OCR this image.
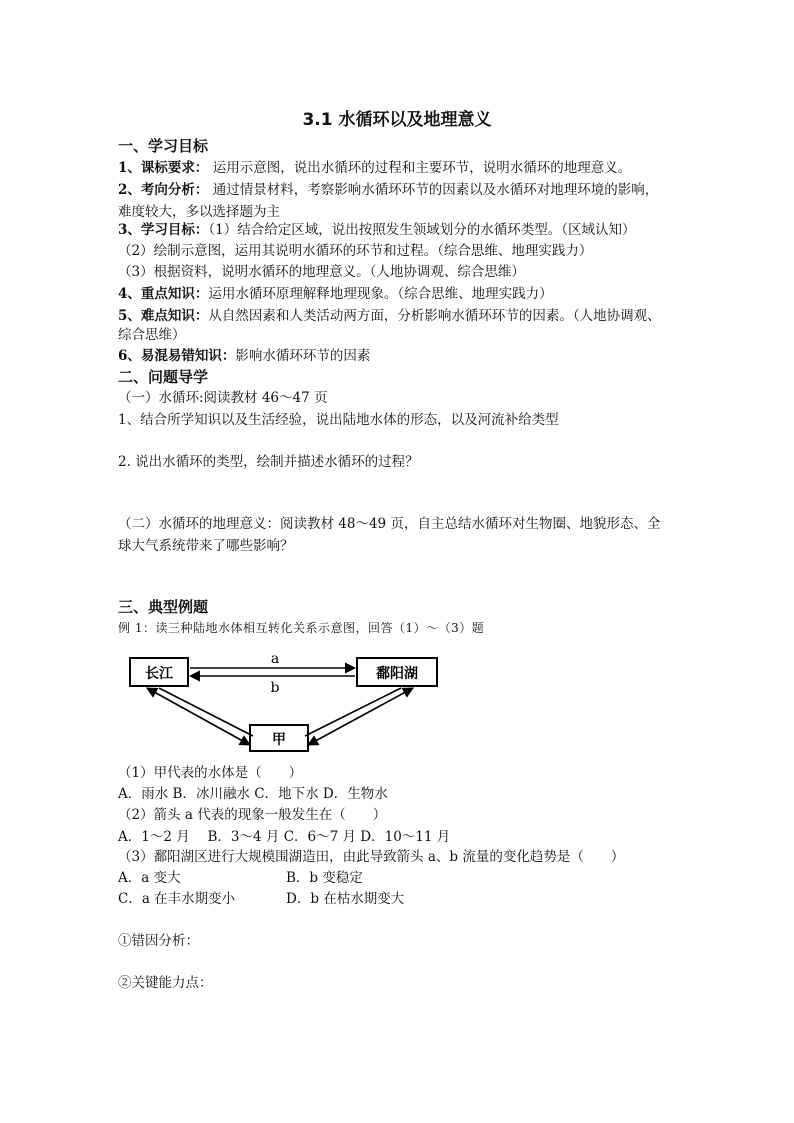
3.1 水循环以及地理意义
一、学习目标
1、课标要求： 运用示意图，说出水循环的过程和主要环节，说明水循环的地理意义。
2、考向分析： 通过情景材料，考察影响水循环环节的因素以及水循环对地理环境的影响，
难度较大，多以选择题为主
3、学习目标：（1）结合给定区域，说出按照发生领域划分的水循环类型。（区域认知）
（2）绘制示意图，运用其说明水循环的环节和过程。（综合思维、地理实践力）
（3）根据资料，说明水循环的地理意义。（人地协调观、综合思维）
4、重点知识：运用水循环原理解释地理现象。（综合思维、地理实践力）
5、难点知识：从自然因素和人类活动两方面，分析影响水循环环节的因素。（人地协调观、
综合思维）
6、易混易错知识：影响水循环环节的因素
二、问题导学
（一）水循环:阅读教材 46～47 页
1、结合所学知识以及生活经验，说出陆地水体的形态，以及河流补给类型
2. 说出水循环的类型，绘制并描述水循环的过程？
（二）水循环的地理意义：阅读教材 48～49 页，自主总结水循环对生物圈、地貌形态、全
球大气系统带来了哪些影响？
三、典型例题
例 1：读三种陆地水体相互转化关系示意图，回答（1）～（3）题
长江	鄱阳湖
甲
a
b
（1）甲代表的水体是（　　）
A．雨水 B．冰川融水 C．地下水 D．生物水
（2）箭头 a 代表的现象一般发生在（　　）
A．1～2 月　 B．3～4 月 C．6～7 月 D．10～11 月
（3）鄱阳湖区进行大规模围湖造田，由此导致箭头 a、b 流量的变化趋势是（　　）
A．a 变大	B．b 变稳定
C．a 在丰水期变小	D．b 在枯水期变大
①错因分析：
②关键能力点：
